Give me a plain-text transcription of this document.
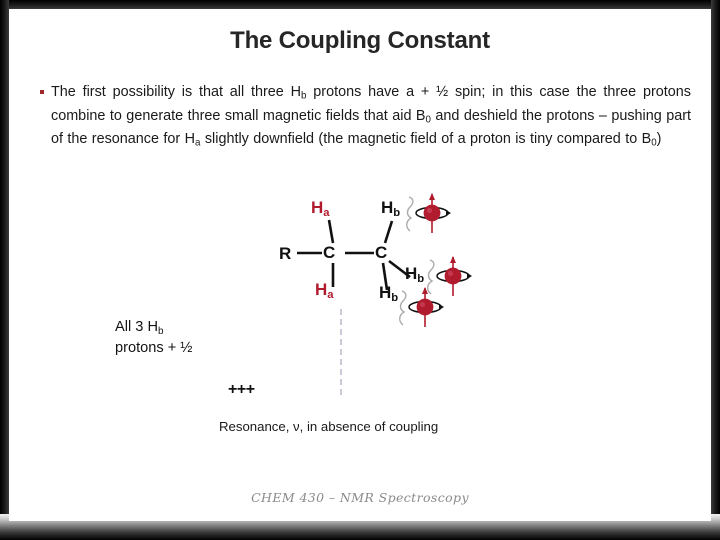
The Coupling Constant
The first possibility is that all three $H_b$ protons have a + ½ spin; in this case the three protons combine to generate three small magnetic fields that aid $B_0$ and deshield the protons – pushing part of the resonance for $H_a$ slightly downfield (the magnetic field of a proton is tiny compared to $B_0$)
R C C
$H_a$
$H_a$
$H_b$
$H_b$
$H_b$
All 3 $H_b$
protons + ½
+++
Resonance, ν, in absence of coupling
CHEM 430 – NMR Spectroscopy
